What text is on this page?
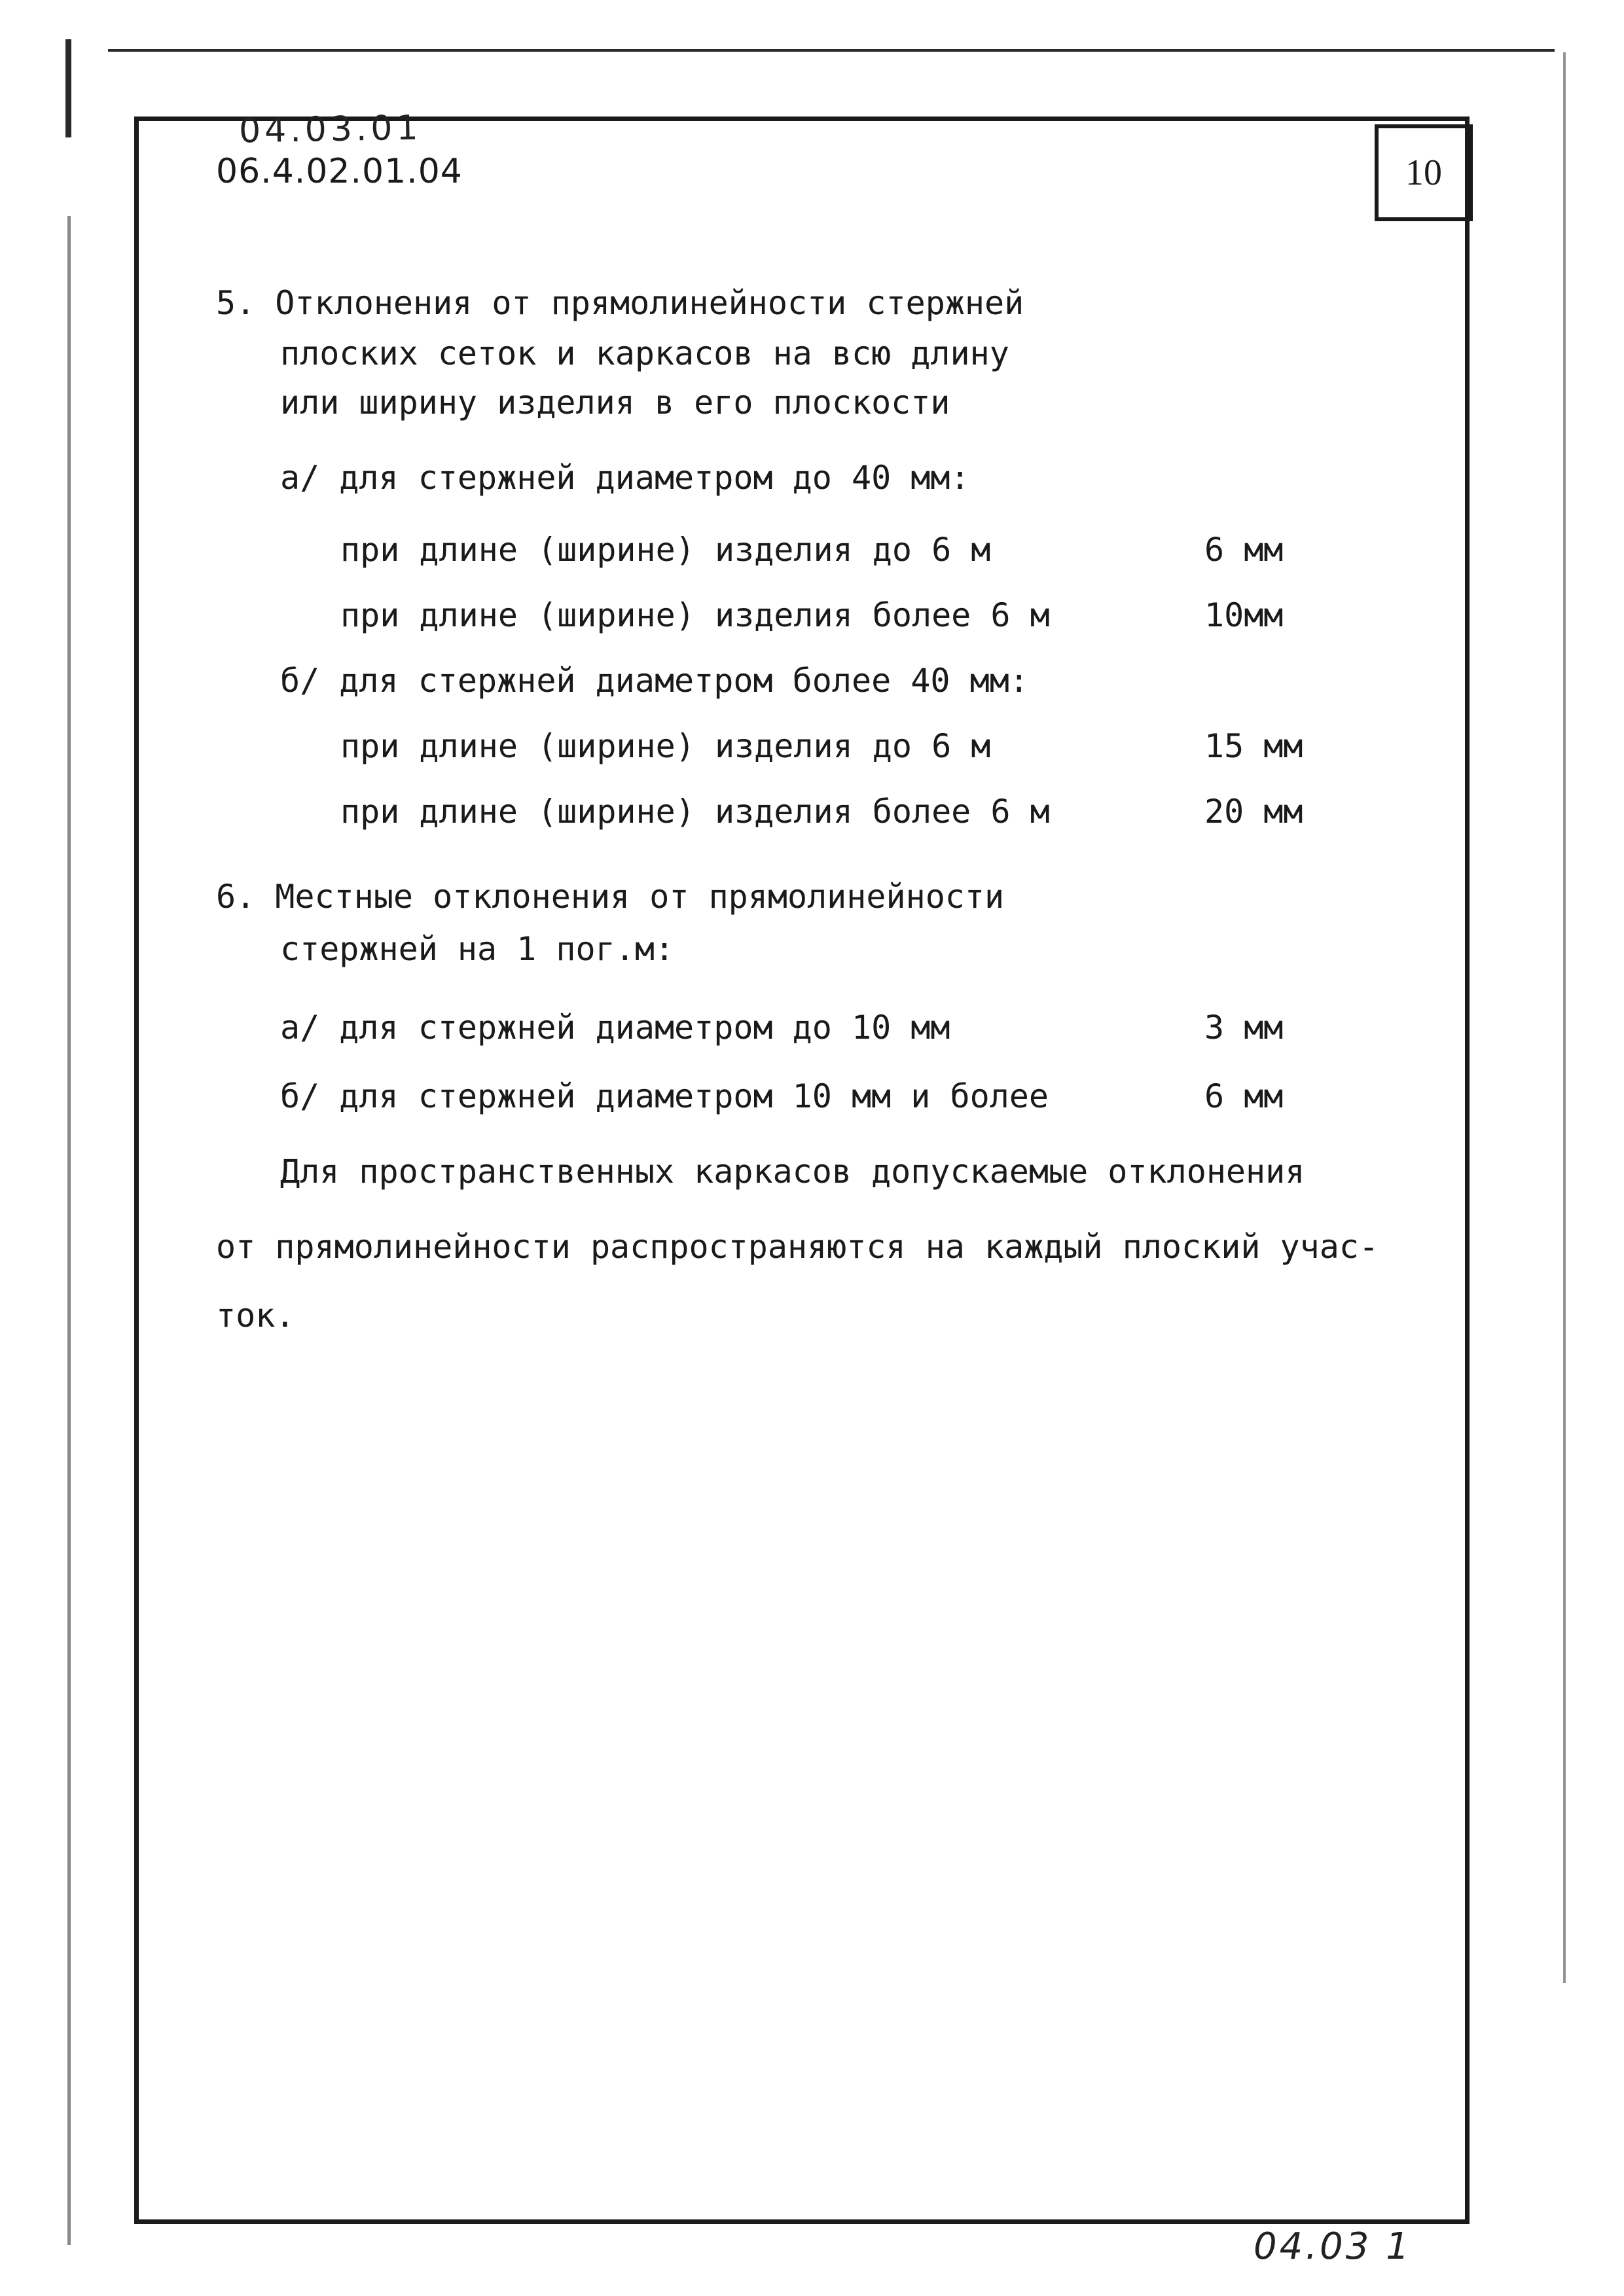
04.03.01
06.4.02.01.04	10
5. Отклонения от прямолинейности стержней
плоских сеток и каркасов на всю длину
или ширину изделия в его плоскости
а/ для стержней диаметром до 40 мм:
при длине (ширине) изделия до 6 м	6 мм
при длине (ширине) изделия более 6 м	10мм
б/ для стержней диаметром более 40 мм:
при длине (ширине) изделия до 6 м	15 мм
при длине (ширине) изделия более 6 м	20 мм
6. Местные отклонения от прямолинейности
стержней на 1 пог.м:
а/ для стержней диаметром до 10 мм	3 мм
б/ для стержней диаметром 10 мм и более	6 мм
Для пространственных каркасов допускаемые отклонения
от прямолинейности распространяются на каждый плоский учас-
ток.
04.03 1
